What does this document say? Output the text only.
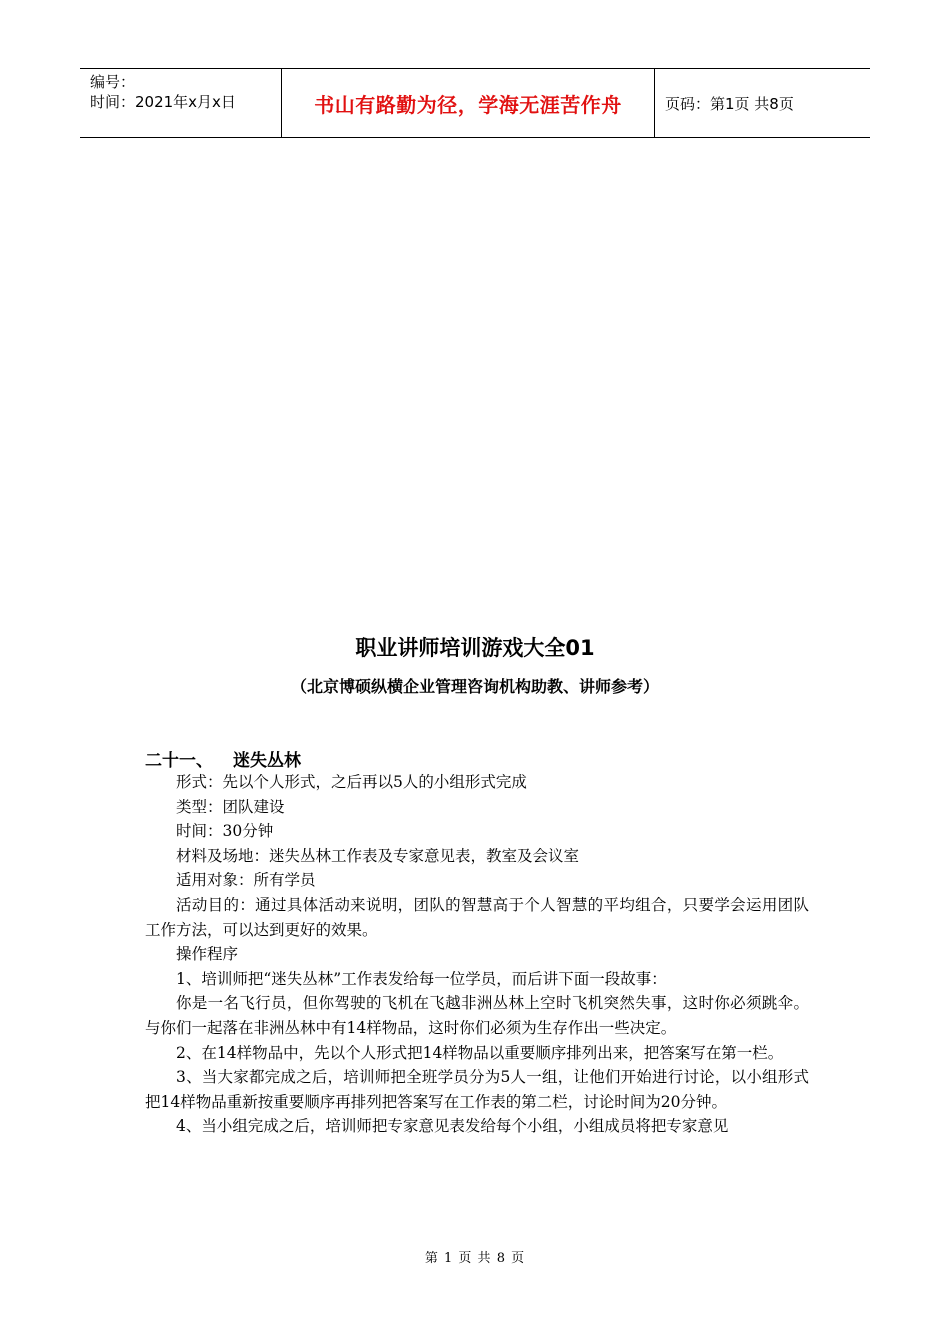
编号：
时间：2021年x月x日	书山有路勤为径，学海无涯苦作舟	页码：第1页 共8页
职业讲师培训游戏大全01
（北京博硕纵横企业管理咨询机构助教、讲师参考）
二十一、 迷失丛林

形式：先以个人形式，之后再以5人的小组形式完成

类型：团队建设

时间：30分钟

材料及场地：迷失丛林工作表及专家意见表，教室及会议室

适用对象：所有学员

活动目的：通过具体活动来说明，团队的智慧高于个人智慧的平均组合，只要学会运用团队工作方法，可以达到更好的效果。

操作程序

1、培训师把“迷失丛林”工作表发给每一位学员，而后讲下面一段故事：

你是一名飞行员，但你驾驶的飞机在飞越非洲丛林上空时飞机突然失事，这时你必须跳伞。与你们一起落在非洲丛林中有14样物品，这时你们必须为生存作出一些决定。

2、在14样物品中，先以个人形式把14样物品以重要顺序排列出来，把答案写在第一栏。

3、当大家都完成之后，培训师把全班学员分为5人一组，让他们开始进行讨论，以小组形式把14样物品重新按重要顺序再排列把答案写在工作表的第二栏，讨论时间为20分钟。

4、当小组完成之后，培训师把专家意见表发给每个小组，小组成员将把专家意见

第 1 页 共 8 页
